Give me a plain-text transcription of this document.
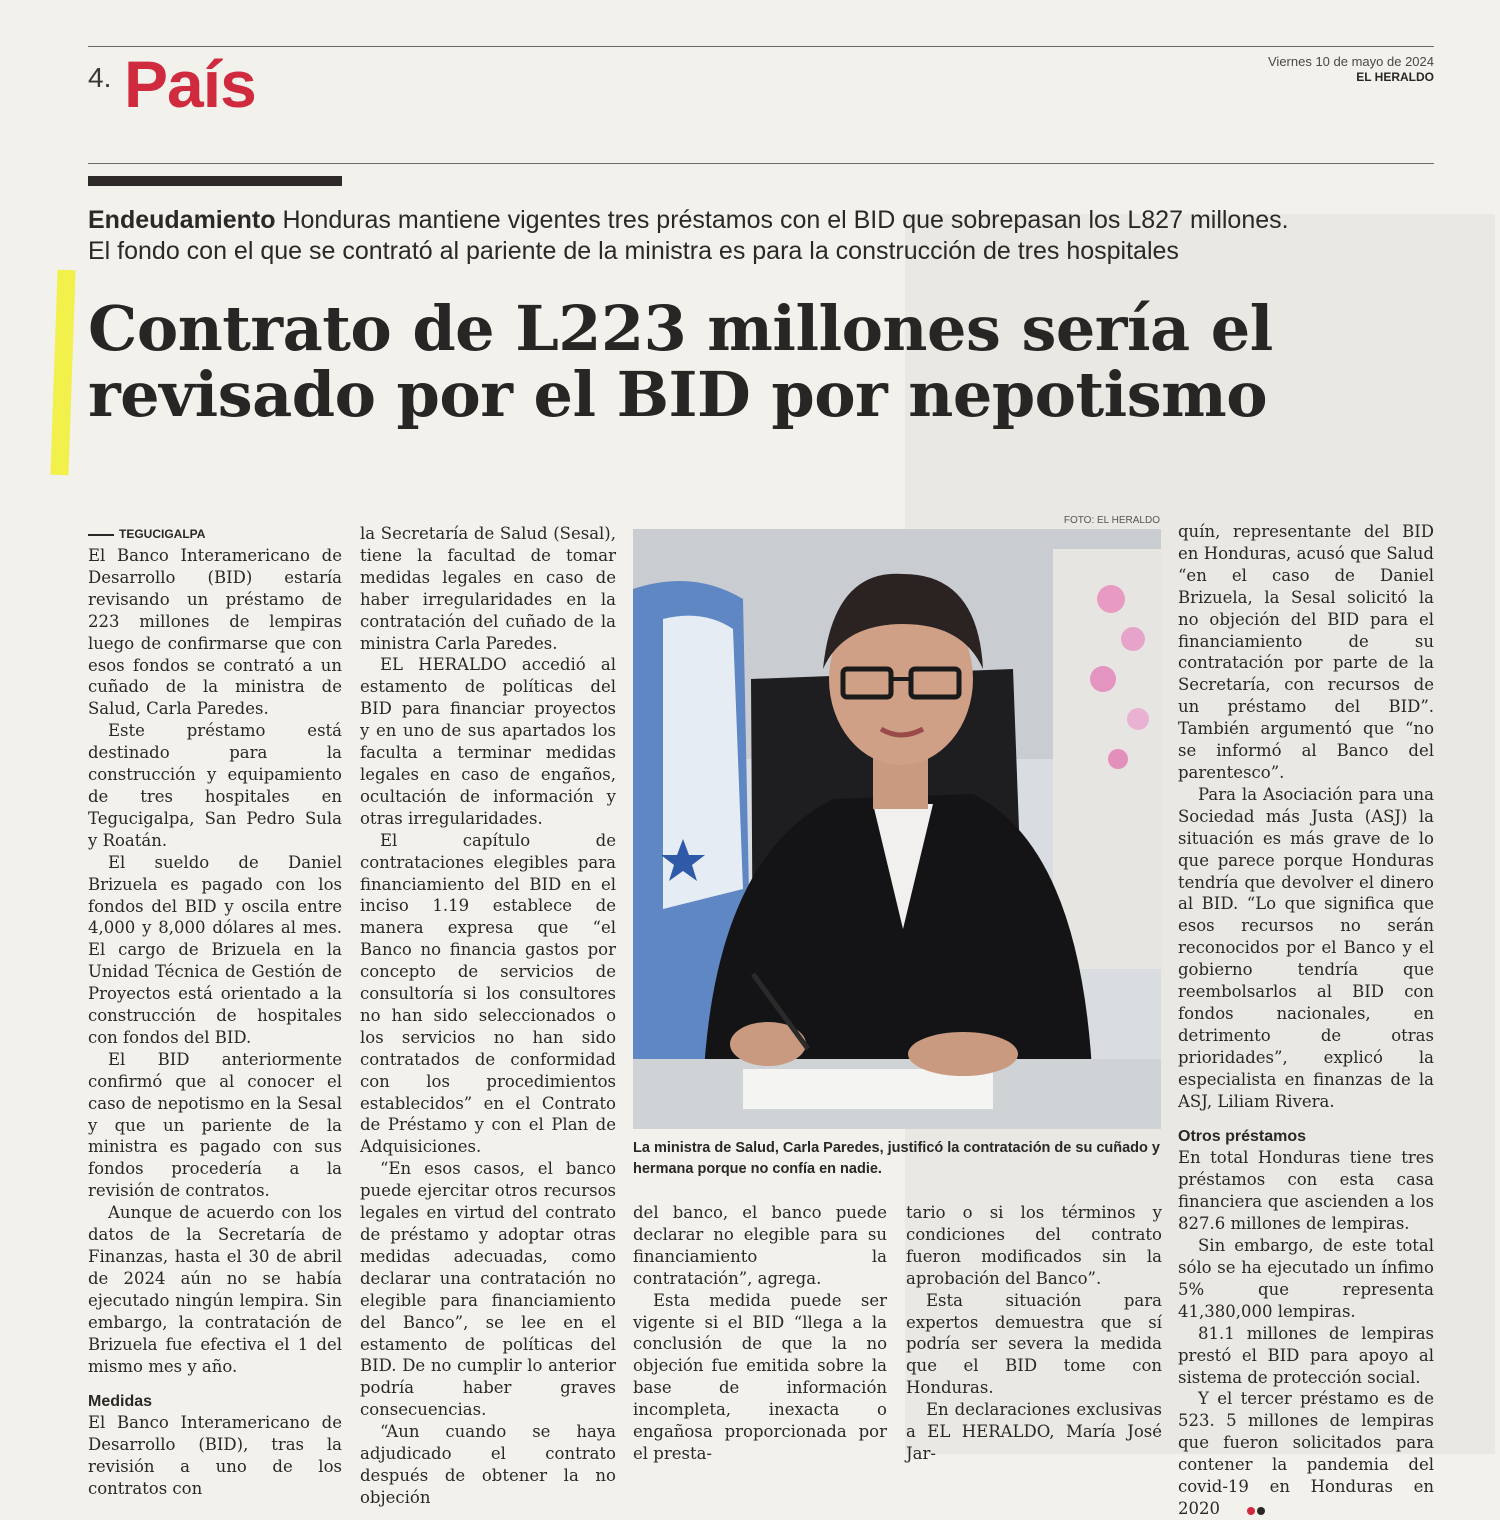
4. País	Viernes 10 de mayo de 2024
EL HERALDO
Endeudamiento Honduras mantiene vigentes tres préstamos con el BID que sobrepasan los L827 millones.
El fondo con el que se contrató al pariente de la ministra es para la construcción de tres hospitales
Contrato de L223 millones sería el
revisado por el BID por nepotismo
TEGUCIGALPA

El Banco Interamericano de Desarrollo (BID) estaría revisando un préstamo de 223 millones de lempiras luego de confirmarse que con esos fondos se contrató a un cuñado de la ministra de Salud, Carla Paredes.

Este préstamo está destinado para la construcción y equipamiento de tres hospitales en Tegucigalpa, San Pedro Sula y Roatán.

El sueldo de Daniel Brizuela es pagado con los fondos del BID y oscila entre 4,000 y 8,000 dólares al mes. El cargo de Brizuela en la Unidad Técnica de Gestión de Proyectos está orientado a la construcción de hospitales con fondos del BID.

El BID anteriormente confirmó que al conocer el caso de nepotismo en la Sesal y que un pariente de la ministra es pagado con sus fondos procedería a la revisión de contratos.

Aunque de acuerdo con los datos de la Secretaría de Finanzas, hasta el 30 de abril de 2024 aún no se había ejecutado ningún lempira. Sin embargo, la contratación de Brizuela fue efectiva el 1 del mismo mes y año.

Medidas

El Banco Interamericano de Desarrollo (BID), tras la revisión a uno de los contratos con

la Secretaría de Salud (Sesal), tiene la facultad de tomar medidas legales en caso de haber irregularidades en la contratación del cuñado de la ministra Carla Paredes.

EL HERALDO accedió al estamento de políticas del BID para financiar proyectos y en uno de sus apartados los faculta a terminar medidas legales en caso de engaños, ocultación de información y otras irregularidades.

El capítulo de contrataciones elegibles para financiamiento del BID en el inciso 1.19 establece de manera expresa que “el Banco no financia gastos por concepto de servicios de consultoría si los consultores no han sido seleccionados o los servicios no han sido contratados de conformidad con los procedimientos establecidos” en el Contrato de Préstamo y con el Plan de Adquisiciones.

“En esos casos, el banco puede ejercitar otros recursos legales en virtud del contrato de préstamo y adoptar otras medidas adecuadas, como declarar una contratación no elegible para financiamiento del Banco”, se lee en el estamento de políticas del BID. De no cumplir lo anterior podría haber graves consecuencias.

“Aun cuando se haya adjudicado el contrato después de obtener la no objeción

FOTO: EL HERALDO
La ministra de Salud, Carla Paredes, justificó la contratación de su cuñado y hermana porque no confía en nadie.

del banco, el banco puede declarar no elegible para su financiamiento la contratación”, agrega.

Esta medida puede ser vigente si el BID “llega a la conclusión de que la no objeción fue emitida sobre la base de información incompleta, inexacta o engañosa proporcionada por el presta-

tario o si los términos y condiciones del contrato fueron modificados sin la aprobación del Banco”.

Esta situación para expertos demuestra que sí podría ser severa la medida que el BID tome con Honduras.

En declaraciones exclusivas a EL HERALDO, María José Jar-

quín, representante del BID en Honduras, acusó que Salud “en el caso de Daniel Brizuela, la Sesal solicitó la no objeción del BID para el financiamiento de su contratación por parte de la Secretaría, con recursos de un préstamo del BID”. También argumentó que “no se informó al Banco del parentesco”.

Para la Asociación para una Sociedad más Justa (ASJ) la situación es más grave de lo que parece porque Honduras tendría que devolver el dinero al BID. “Lo que significa que esos recursos no serán reconocidos por el Banco y el gobierno tendría que reembolsarlos al BID con fondos nacionales, en detrimento de otras prioridades”, explicó la especialista en finanzas de la ASJ, Liliam Rivera.

Otros préstamos

En total Honduras tiene tres préstamos con esta casa financiera que ascienden a los 827.6 millones de lempiras.

Sin embargo, de este total sólo se ha ejecutado un ínfimo 5% que representa 41,380,000 lempiras.

81.1 millones de lempiras prestó el BID para apoyo al sistema de protección social.

Y el tercer préstamo es de 523. 5 millones de lempiras que fueron solicitados para contener la pandemia del covid-19 en Honduras en 2020
